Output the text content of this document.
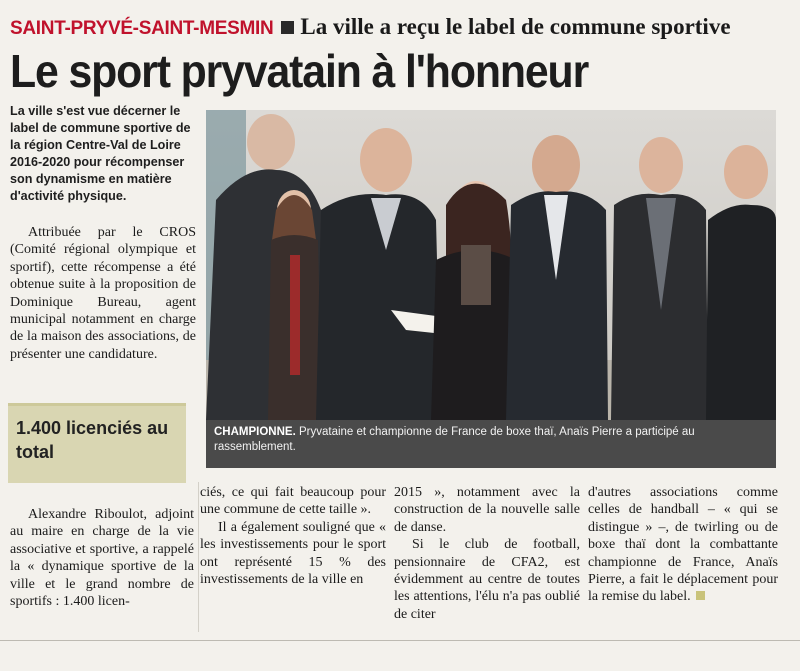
SAINT-PRYVÉ-SAINT-MESMIN La ville a reçu le label de commune sportive
Le sport pryvatain à l'honneur
La ville s'est vue décerner le label de commune sportive de la région Centre-Val de Loire 2016-2020 pour récompenser son dynamisme en matière d'activité physique.

Attribuée par le CROS (Comité régional olympique et sportif), cette récompense a été obtenue suite à la proposition de Dominique Bureau, agent municipal notamment en charge de la maison des associations, de présenter une candidature.

1.400 licenciés au total
CHAMPIONNE. Pryvataine et championne de France de boxe thaï, Anaïs Pierre a participé au rassemblement.

Alexandre Riboulot, adjoint au maire en charge de la vie associative et sportive, a rappelé la « dynamique sportive de la ville et le grand nombre de sportifs : 1.400 licen-

ciés, ce qui fait beaucoup pour une commune de cette taille ».

Il a également souligné que « les investissements pour le sport ont représenté 15 % des investissements de la ville en

2015 », notamment avec la construction de la nouvelle salle de danse.

Si le club de football, pensionnaire de CFA2, est évidemment au centre de toutes les attentions, l'élu n'a pas oublié de citer

d'autres associations comme celles de handball – « qui se distingue » –, de twirling ou de boxe thaï dont la combattante championne de France, Anaïs Pierre, a fait le déplacement pour la remise du label.
